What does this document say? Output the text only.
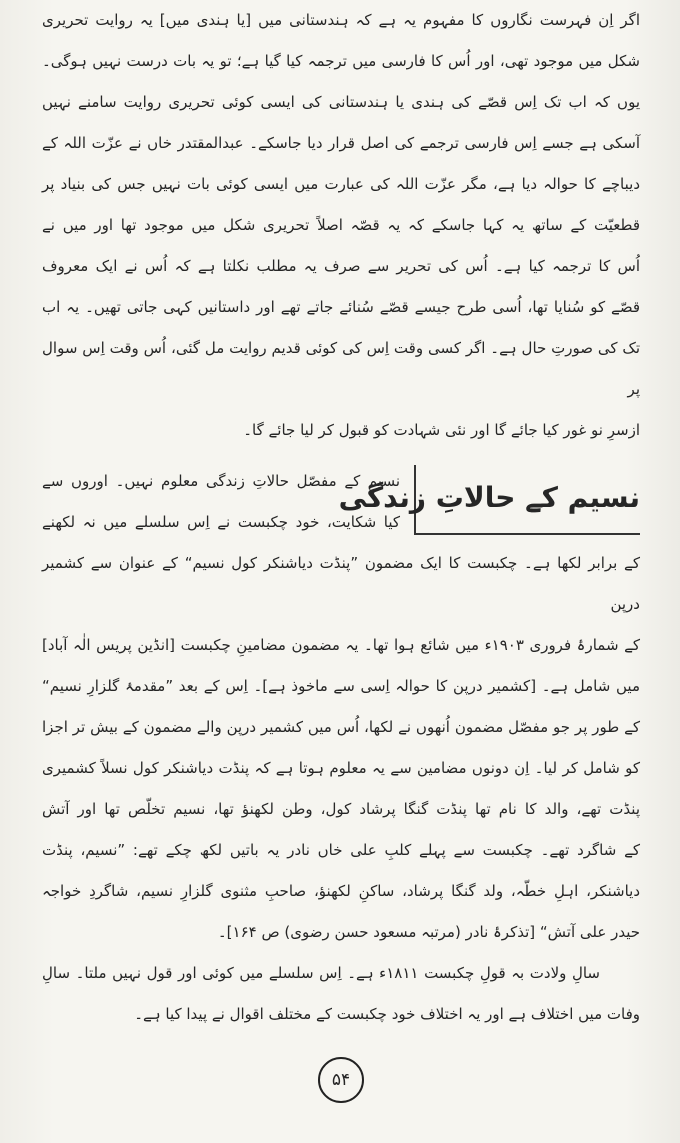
اگر اِن فہرست نگاروں کا مفہوم یہ ہے کہ ہندستانی میں [یا ہندی میں] یہ روایت تحریری
شکل میں موجود تھی، اور اُس کا فارسی میں ترجمہ کیا گیا ہے؛ تو یہ بات درست نہیں ہوگی۔
یوں کہ اب تک اِس قصّے کی ہندی یا ہندستانی کی ایسی کوئی تحریری روایت سامنے نہیں
آسکی ہے جسے اِس فارسی ترجمے کی اصل قرار دیا جاسکے۔ عبدالمقتدر خاں نے عزّت اللہ کے
دیباچے کا حوالہ دیا ہے، مگر عزّت اللہ کی عبارت میں ایسی کوئی بات نہیں جس کی بنیاد پر
قطعیّت کے ساتھ یہ کہا جاسکے کہ یہ قصّہ اصلاً تحریری شکل میں موجود تھا اور میں نے
اُس کا ترجمہ کیا ہے۔ اُس کی تحریر سے صرف یہ مطلب نکلتا ہے کہ اُس نے ایک معروف
قصّے کو سُنایا تھا، اُسی طرح جیسے قصّے سُنائے جاتے تھے اور داستانیں کہی جاتی تھیں۔ یہ اب
تک کی صورتِ حال ہے۔ اگر کسی وقت اِس کی کوئی قدیم روایت مل گئی، اُس وقت اِس سوال پر
ازسرِ نو غور کیا جائے گا اور نئی شہادت کو قبول کر لیا جائے گا۔
نسیم کے حالاتِ زندگی
نسیم کے مفصّل حالاتِ زندگی معلوم نہیں۔ اوروں سے
کیا شکایت، خود چکبست نے اِس سلسلے میں نہ لکھنے
کے برابر لکھا ہے۔ چکبست کا ایک مضمون ”پنڈت دیاشنکر کول نسیم“ کے عنوان سے کشمیر درپن
کے شمارۂ فروری ۱۹۰۳ء میں شائع ہوا تھا۔ یہ مضمون مضامینِ چکبست [انڈین پریس الٰہ آباد]
میں شامل ہے۔ [کشمیر درپن کا حوالہ اِسی سے ماخوذ ہے]۔ اِس کے بعد ”مقدمۂ گلزارِ نسیم“
کے طور پر جو مفصّل مضمون اُنھوں نے لکھا، اُس میں کشمیر درپن والے مضمون کے بیش تر اجزا
کو شامل کر لیا۔ اِن دونوں مضامین سے یہ معلوم ہوتا ہے کہ پنڈت دیاشنکر کول نسلاً کشمیری
پنڈت تھے، والد کا نام تھا پنڈت گنگا پرشاد کول، وطن لکھنؤ تھا، نسیم تخلّص تھا اور آتش
کے شاگرد تھے۔ چکبست سے پہلے کلبِ علی خاں نادر یہ باتیں لکھ چکے تھے: ”نسیم، پنڈت
دیاشنکر، اہلِ خطّہ، ولد گنگا پرشاد، ساکنِ لکھنؤ، صاحبِ مثنوی گلزارِ نسیم، شاگردِ خواجہ
حیدر علی آتش“ [تذکرۂ نادر (مرتبہ مسعود حسن رضوی) ص ۱۶۴]۔
سالِ ولادت بہ قولِ چکبست ۱۸۱۱ء ہے۔ اِس سلسلے میں کوئی اور قول نہیں ملتا۔ سالِ
وفات میں اختلاف ہے اور یہ اختلاف خود چکبست کے مختلف اقوال نے پیدا کیا ہے۔
۵۴
